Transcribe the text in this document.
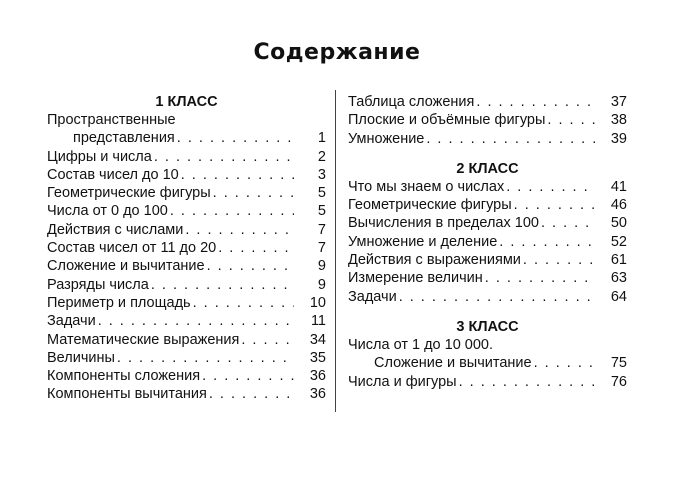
Содержание
1 КЛАСС
Пространственные
представления . . .	1
Цифры и числа . . .	2
Состав чисел до 10 . . .	3
Геометрические фигуры . . .	5
Числа от 0 до 100 . . .	5
Действия с числами . . .	7
Состав чисел от 11 до 20 . . .	7
Сложение и вычитание . . .	9
Разряды числа . . .	9
Периметр и площадь . . .	10
Задачи . . .	11
Математические выражения . . .	34
Величины . . .	35
Компоненты сложения . . .	36
Компоненты вычитания . . .	36
Таблица сложения . . .	37
Плоские и объёмные фигуры . . .	38
Умножение . . .	39
2 КЛАСС
Что мы знаем о числах . . .	41
Геометрические фигуры . . .	46
Вычисления в пределах 100 . . .	50
Умножение и деление . . .	52
Действия с выражениями . . .	61
Измерение величин . . .	63
Задачи . . .	64
3 КЛАСС
Числа от 1 до 10 000.
Сложение и вычитание . . .	75
Числа и фигуры . . .	76
